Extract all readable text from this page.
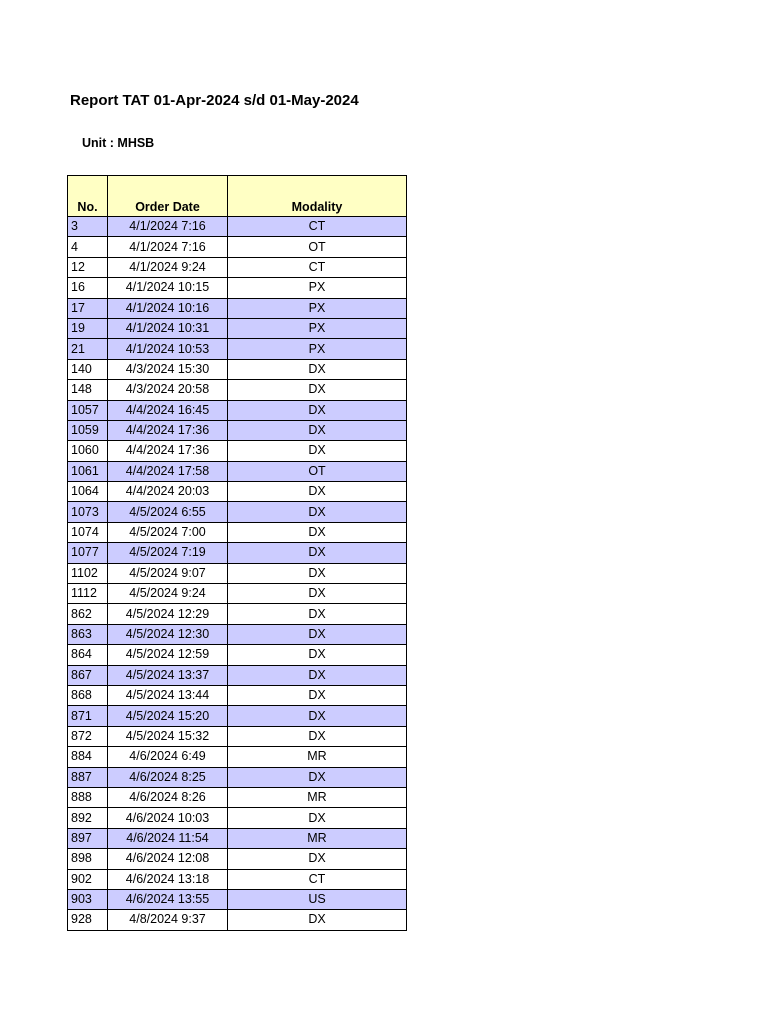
Report TAT 01-Apr-2024 s/d 01-May-2024
Unit : MHSB
No.	Order Date	Modality
3	4/1/2024 7:16	CT
4	4/1/2024 7:16	OT
12	4/1/2024 9:24	CT
16	4/1/2024 10:15	PX
17	4/1/2024 10:16	PX
19	4/1/2024 10:31	PX
21	4/1/2024 10:53	PX
140	4/3/2024 15:30	DX
148	4/3/2024 20:58	DX
1057	4/4/2024 16:45	DX
1059	4/4/2024 17:36	DX
1060	4/4/2024 17:36	DX
1061	4/4/2024 17:58	OT
1064	4/4/2024 20:03	DX
1073	4/5/2024 6:55	DX
1074	4/5/2024 7:00	DX
1077	4/5/2024 7:19	DX
1102	4/5/2024 9:07	DX
1112	4/5/2024 9:24	DX
862	4/5/2024 12:29	DX
863	4/5/2024 12:30	DX
864	4/5/2024 12:59	DX
867	4/5/2024 13:37	DX
868	4/5/2024 13:44	DX
871	4/5/2024 15:20	DX
872	4/5/2024 15:32	DX
884	4/6/2024 6:49	MR
887	4/6/2024 8:25	DX
888	4/6/2024 8:26	MR
892	4/6/2024 10:03	DX
897	4/6/2024 11:54	MR
898	4/6/2024 12:08	DX
902	4/6/2024 13:18	CT
903	4/6/2024 13:55	US
928	4/8/2024 9:37	DX
